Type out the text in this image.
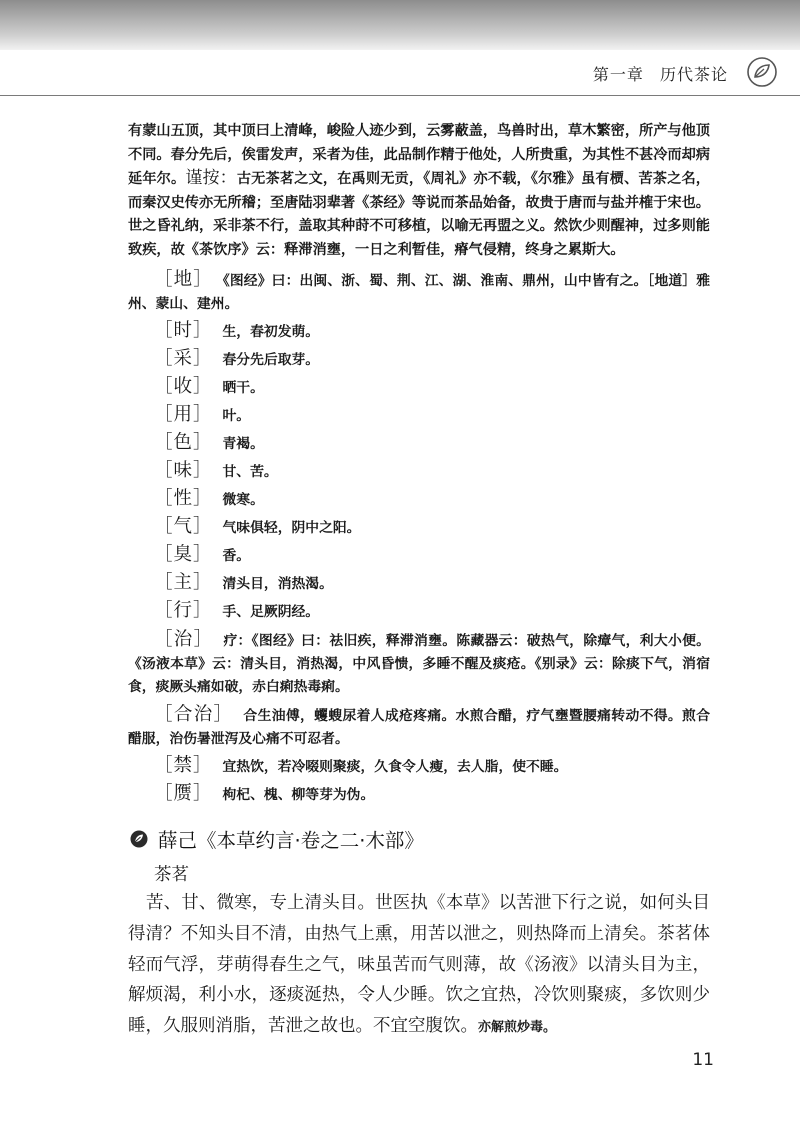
第一章 历代茶论

有蒙山五顶，其中顶曰上清峰，峻险人迹少到，云雾蔽盖，鸟兽时出，草木繁密，所产与他顶不同。春分先后，俟雷发声，采者为佳，此品制作精于他处，人所贵重，为其性不甚冷而却病延年尔。谨按：古无茶茗之文，在禹则无贡，《周礼》亦不载，《尔雅》虽有槚、苦茶之名，而秦汉史传亦无所稽；至唐陆羽辈著《茶经》等说而茶品始备，故贵于唐而与盐并榷于宋也。世之昏礼纳，采非茶不行，盖取其种莳不可移植，以喻无再盟之义。然饮少则醒神，过多则能致疾，故《茶饮序》云：释滞消壅，一日之利暂佳，瘠气侵精，终身之累斯大。

［地］ 《图经》曰：出闽、浙、蜀、荆、江、湖、淮南、鼎州，山中皆有之。［地道］雅州、蒙山、建州。
［时］ 生，春初发萌。
［采］ 春分先后取芽。
［收］ 晒干。
［用］ 叶。
［色］ 青褐。
［味］ 甘、苦。
［性］ 微寒。
［气］ 气味俱轻，阴中之阳。
［臭］ 香。
［主］ 清头目，消热渴。
［行］ 手、足厥阴经。
［治］ 疗：《图经》曰：祛旧疾，释滞消壅。陈藏器云：破热气，除瘴气，利大小便。《汤液本草》云：清头目，消热渴，中风昏愦，多睡不醒及痰疮。《别录》云：除痰下气，消宿食，痰厥头痛如破，赤白痢热毒痢。
［合治］ 合生油傅，蠼螋尿着人成疮疼痛。水煎合醋，疗气壅暨腰痛转动不得。煎合醋服，治伤暑泄泻及心痛不可忍者。
［禁］ 宜热饮，若冷啜则聚痰，久食令人瘦，去人脂，使不睡。
［赝］ 枸杞、槐、柳等芽为伪。
薛己《本草约言·卷之二·木部》
茶茗

苦、甘、微寒，专上清头目。世医执《本草》以苦泄下行之说，如何头目得清？不知头目不清，由热气上熏，用苦以泄之，则热降而上清矣。茶茗体轻而气浮，芽萌得春生之气，味虽苦而气则薄，故《汤液》以清头目为主，解烦渴，利小水，逐痰涎热，令人少睡。饮之宜热，冷饮则聚痰，多饮则少睡，久服则消脂，苦泄之故也。不宜空腹饮。亦解煎炒毒。

11
